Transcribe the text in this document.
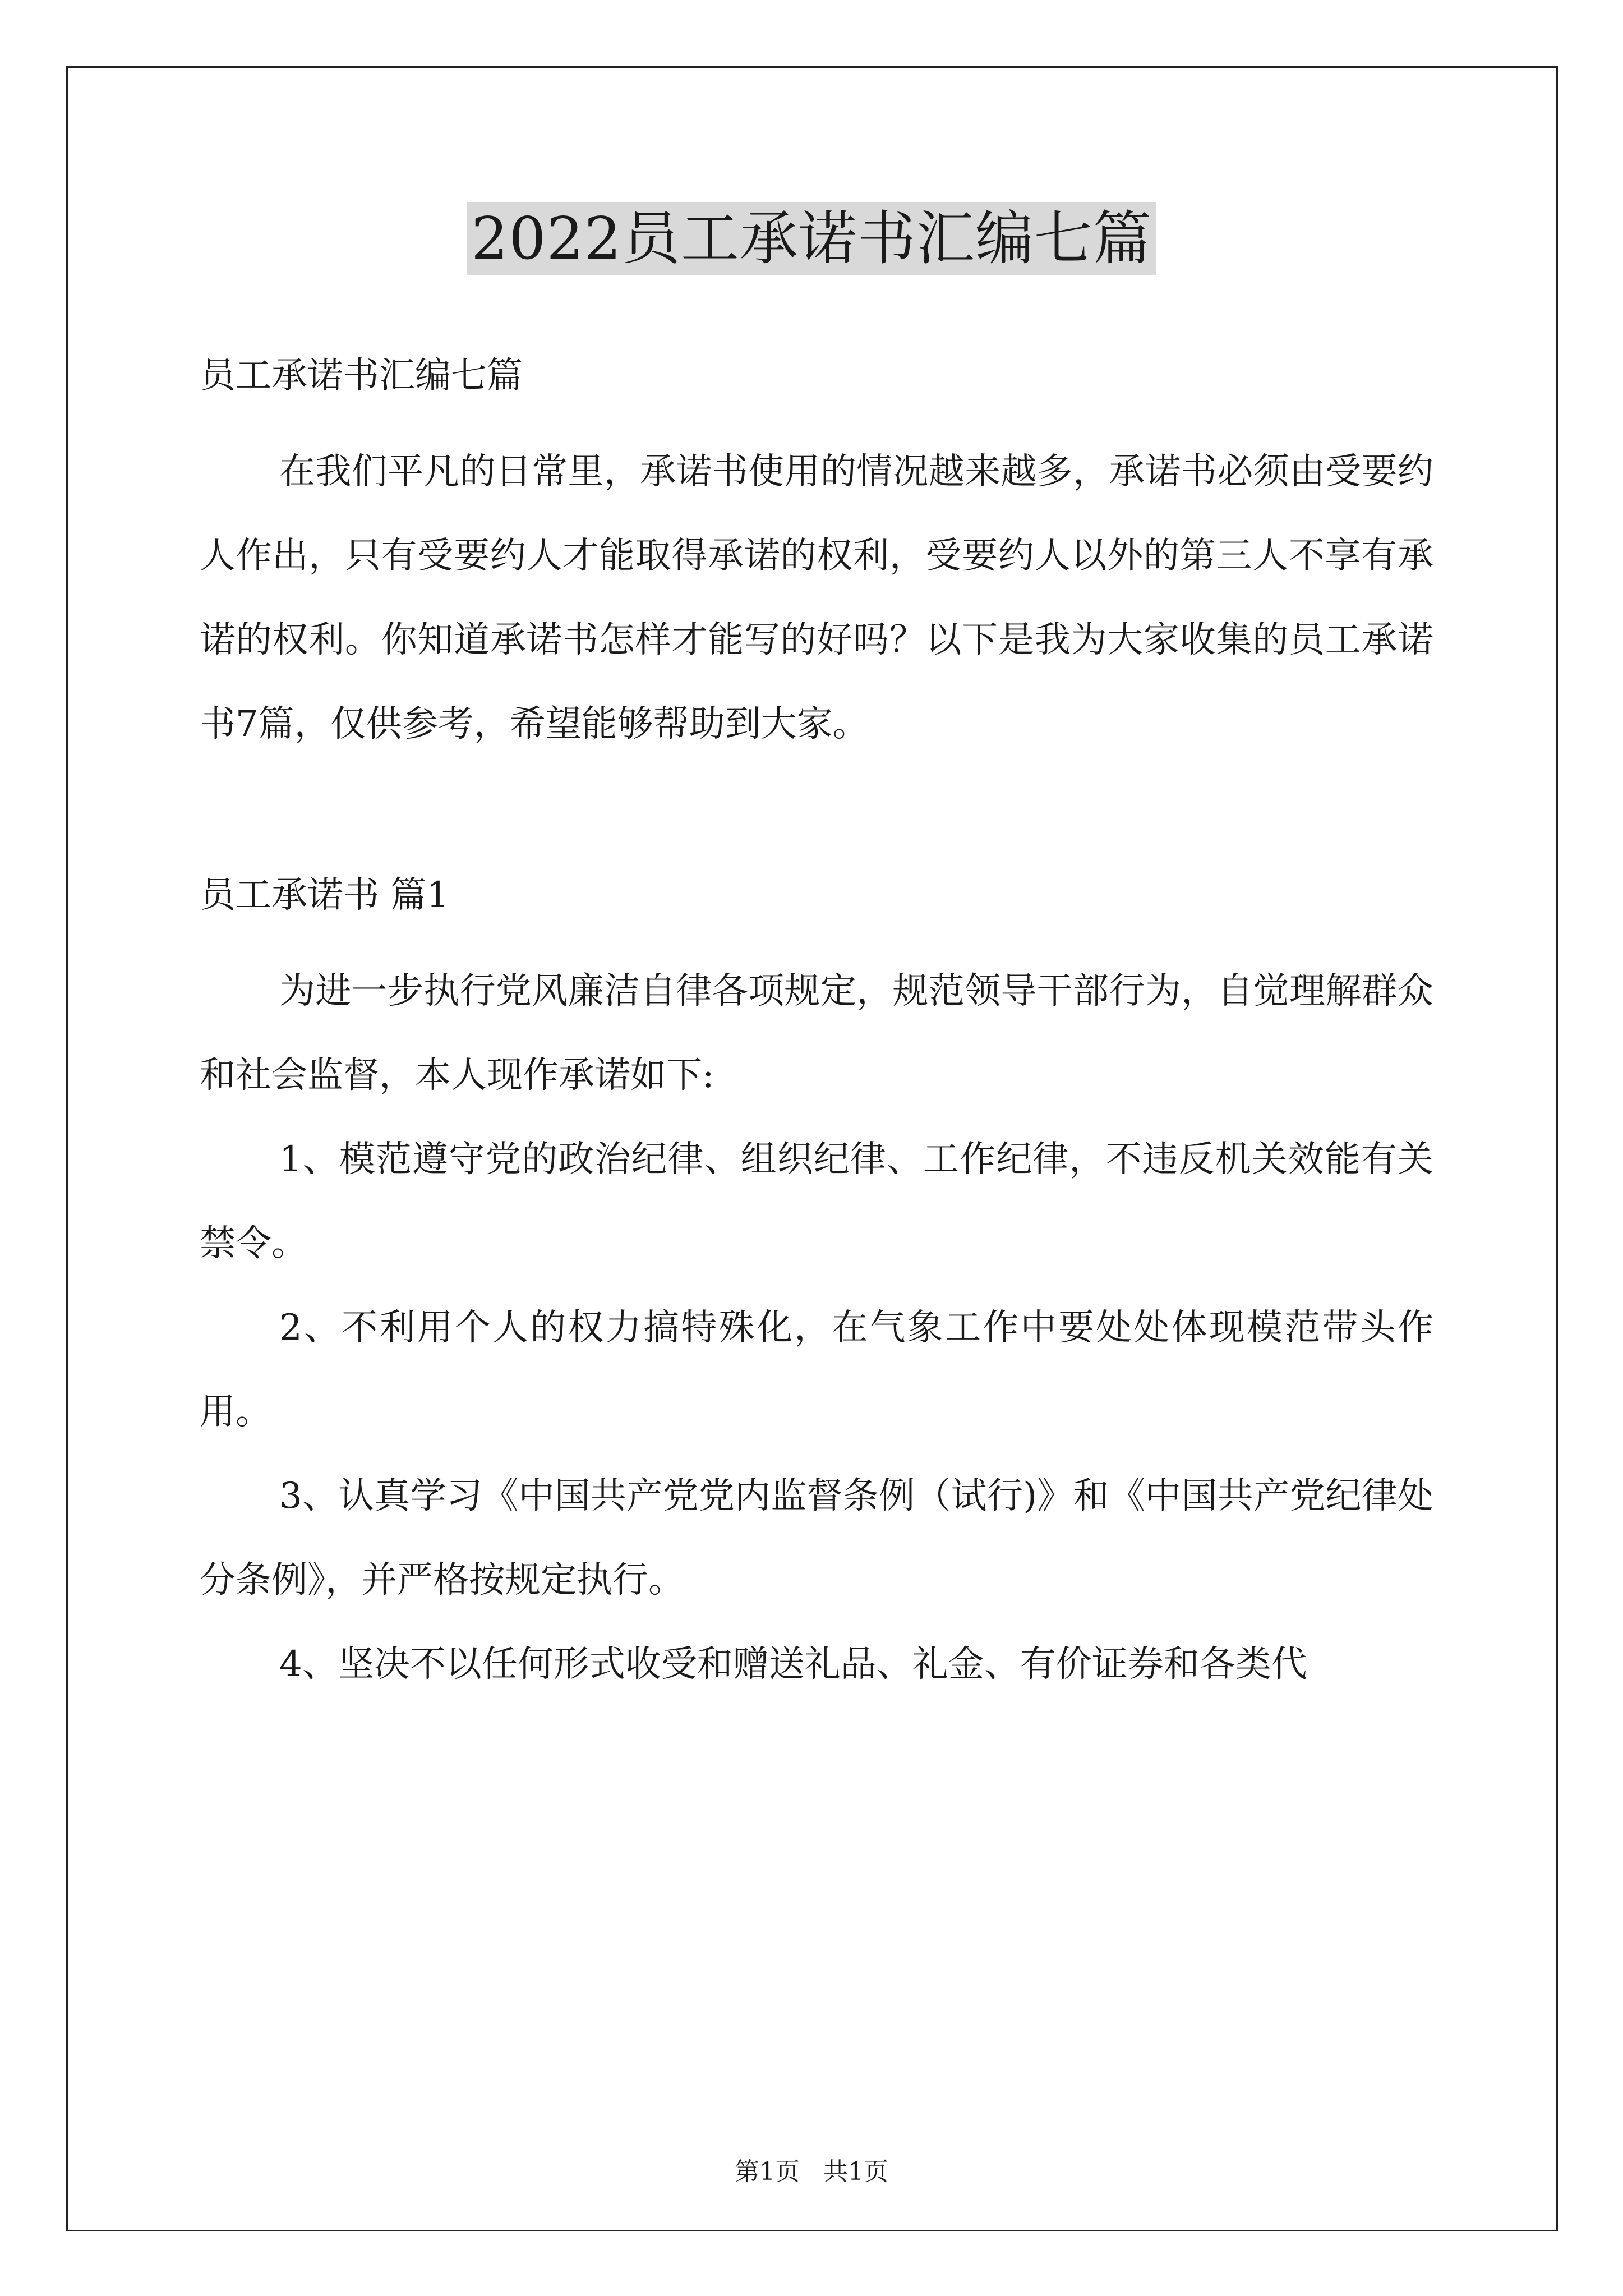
2022员工承诺书汇编七篇

员工承诺书汇编七篇

在我们平凡的日常里，承诺书使用的情况越来越多，承诺书必须由受要约人作出，只有受要约人才能取得承诺的权利，受要约人以外的第三人不享有承诺的权利。你知道承诺书怎样才能写的好吗？以下是我为大家收集的员工承诺书7篇，仅供参考，希望能够帮助到大家。

员工承诺书 篇1

为进一步执行党风廉洁自律各项规定，规范领导干部行为，自觉理解群众和社会监督，本人现作承诺如下:

1、模范遵守党的政治纪律、组织纪律、工作纪律，不违反机关效能有关禁令。

2、不利用个人的权力搞特殊化，在气象工作中要处处体现模范带头作用。

3、认真学习《中国共产党党内监督条例（试行)》和《中国共产党纪律处分条例》，并严格按规定执行。

4、坚决不以任何形式收受和赠送礼品、礼金、有价证券和各类代

第1页 共1页
